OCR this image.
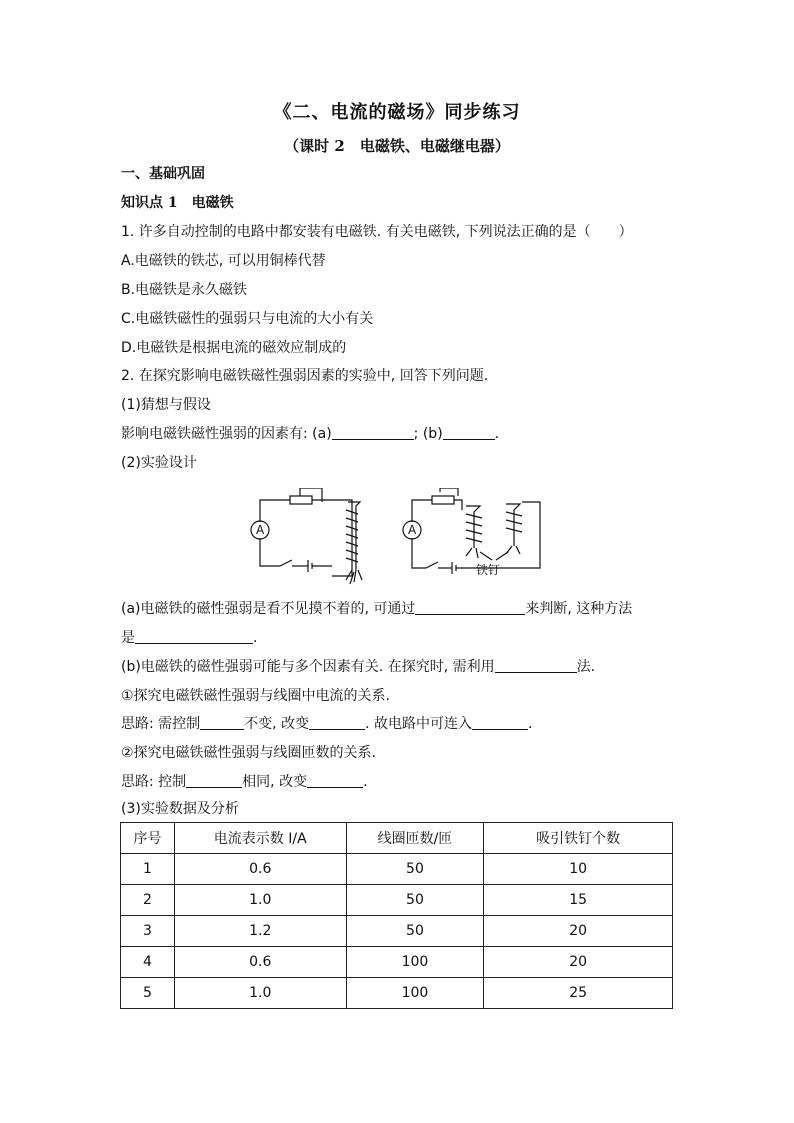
《二、电流的磁场》同步练习
（课时 2　电磁铁、电磁继电器）
一、基础巩固
知识点 1　电磁铁
1. 许多自动控制的电路中都安装有电磁铁. 有关电磁铁, 下列说法正确的是（　　）
A.电磁铁的铁芯, 可以用铜棒代替
B.电磁铁是永久磁铁
C.电磁铁磁性的强弱只与电流的大小有关
D.电磁铁是根据电流的磁效应制成的
2. 在探究影响电磁铁磁性强弱因素的实验中, 回答下列问题.
(1)猜想与假设
影响电磁铁磁性强弱的因素有: (a)	; (b)	.
(2)实验设计
A	A
铁钉
(a)电磁铁的磁性强弱是看不见摸不着的, 可通过	来判断, 这种方法
是	.
(b)电磁铁的磁性强弱可能与多个因素有关. 在探究时, 需利用	法.
①探究电磁铁磁性强弱与线圈中电流的关系.
思路: 需控制	不变, 改变	. 故电路中可连入	.
②探究电磁铁磁性强弱与线圈匝数的关系.
思路: 控制	相同, 改变	.
(3)实验数据及分析
序号	电流表示数 I/A	线圈匝数/匝	吸引铁钉个数
1	0.6	50	10
2	1.0	50	15
3	1.2	50	20
4	0.6	100	20
5	1.0	100	25
